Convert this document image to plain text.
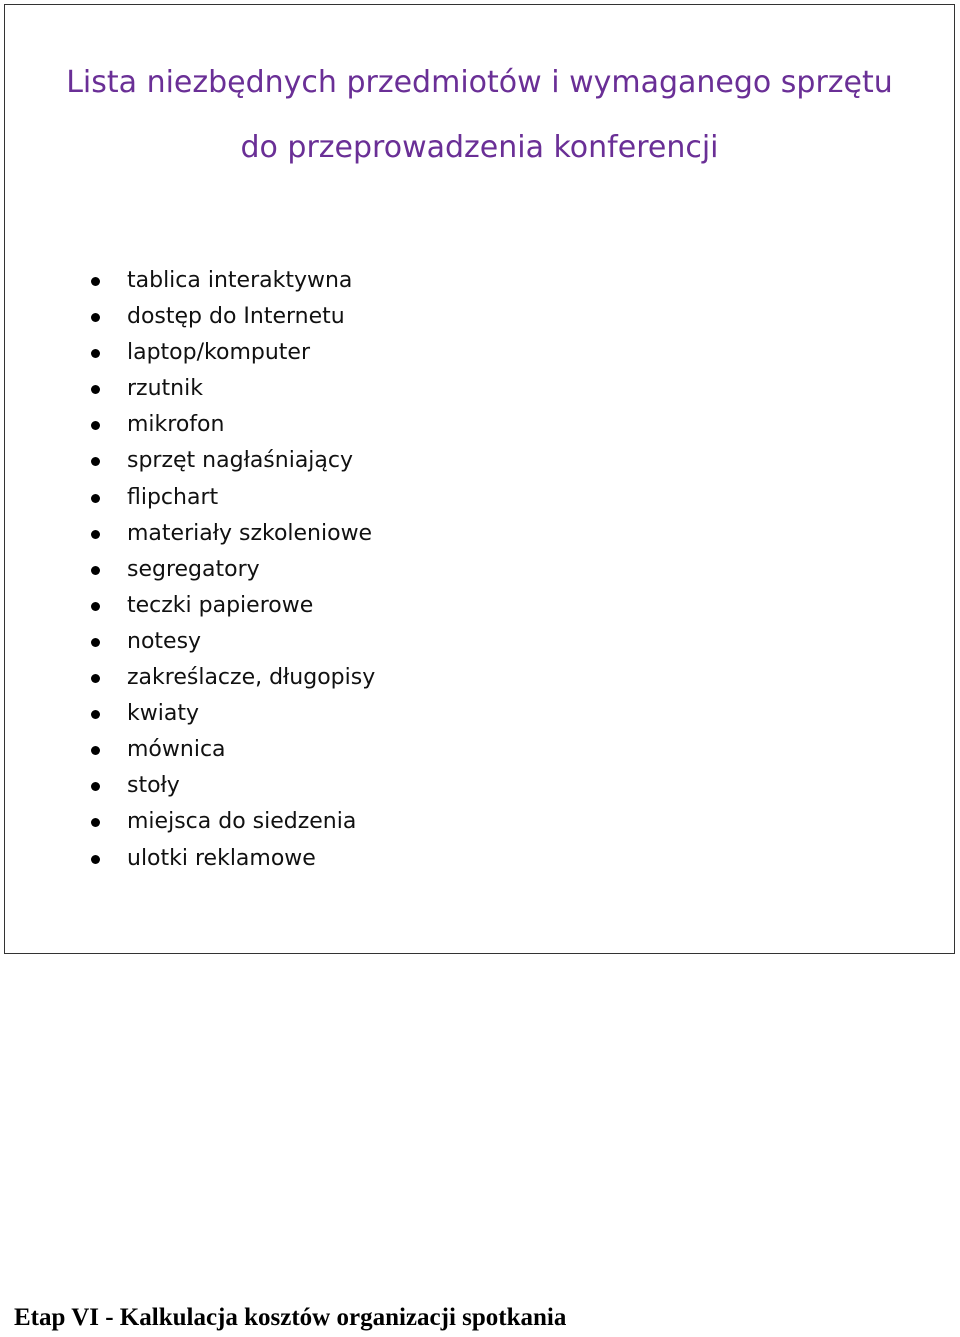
Lista niezbędnych przedmiotów i wymaganego sprzętu
do przeprowadzenia konferencji
tablica interaktywna
dostęp do Internetu
laptop/komputer
rzutnik
mikrofon
sprzęt nagłaśniający
flipchart
materiały szkoleniowe
segregatory
teczki papierowe
notesy
zakreślacze, długopisy
kwiaty
mównica
stoły
miejsca do siedzenia
ulotki reklamowe
Etap VI - Kalkulacja kosztów organizacji spotkania
